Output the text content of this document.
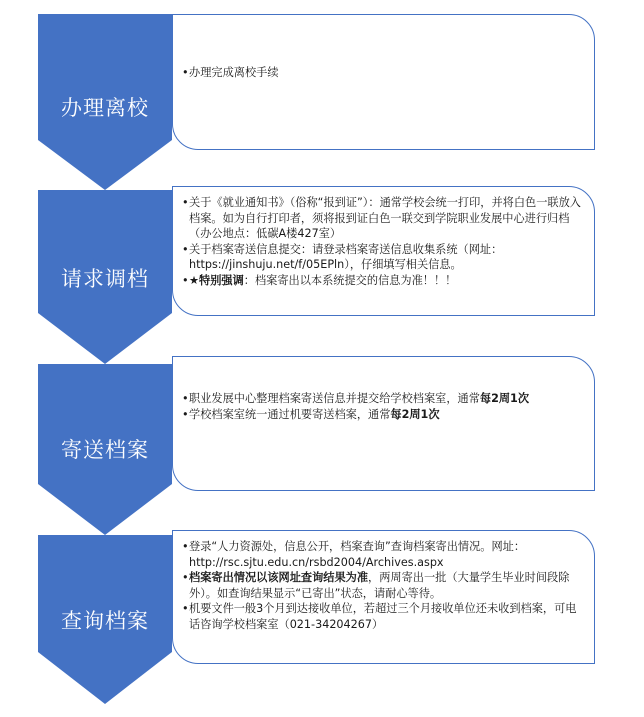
办理离校
请求调档
寄送档案
查询档案
• 办理完成离校手续
• 关于《就业通知书》（俗称“报到证”）：通常学校会统一打印，并将白色一联放入档案。如为自行打印者，须将报到证白色一联交到学院职业发展中心进行归档 （办公地点：低碳A楼427室）
• 关于档案寄送信息提交：请登录档案寄送信息收集系统（网址：https://jinshuju.net/f/05EPln），仔细填写相关信息。
• ★特别强调：档案寄出以本系统提交的信息为准！！！
• 职业发展中心整理档案寄送信息并提交给学校档案室，通常每2周1次
• 学校档案室统一通过机要寄送档案，通常每2周1次
• 登录“人力资源处，信息公开，档案查询”查询档案寄出情况。网址：http://rsc.sjtu.edu.cn/rsbd2004/Archives.aspx
• 档案寄出情况以该网址查询结果为准，两周寄出一批（大量学生毕业时间段除外）。如查询结果显示“已寄出”状态，请耐心等待。
• 机要文件一般3个月到达接收单位，若超过三个月接收单位还未收到档案，可电话咨询学校档案室（021-34204267）
